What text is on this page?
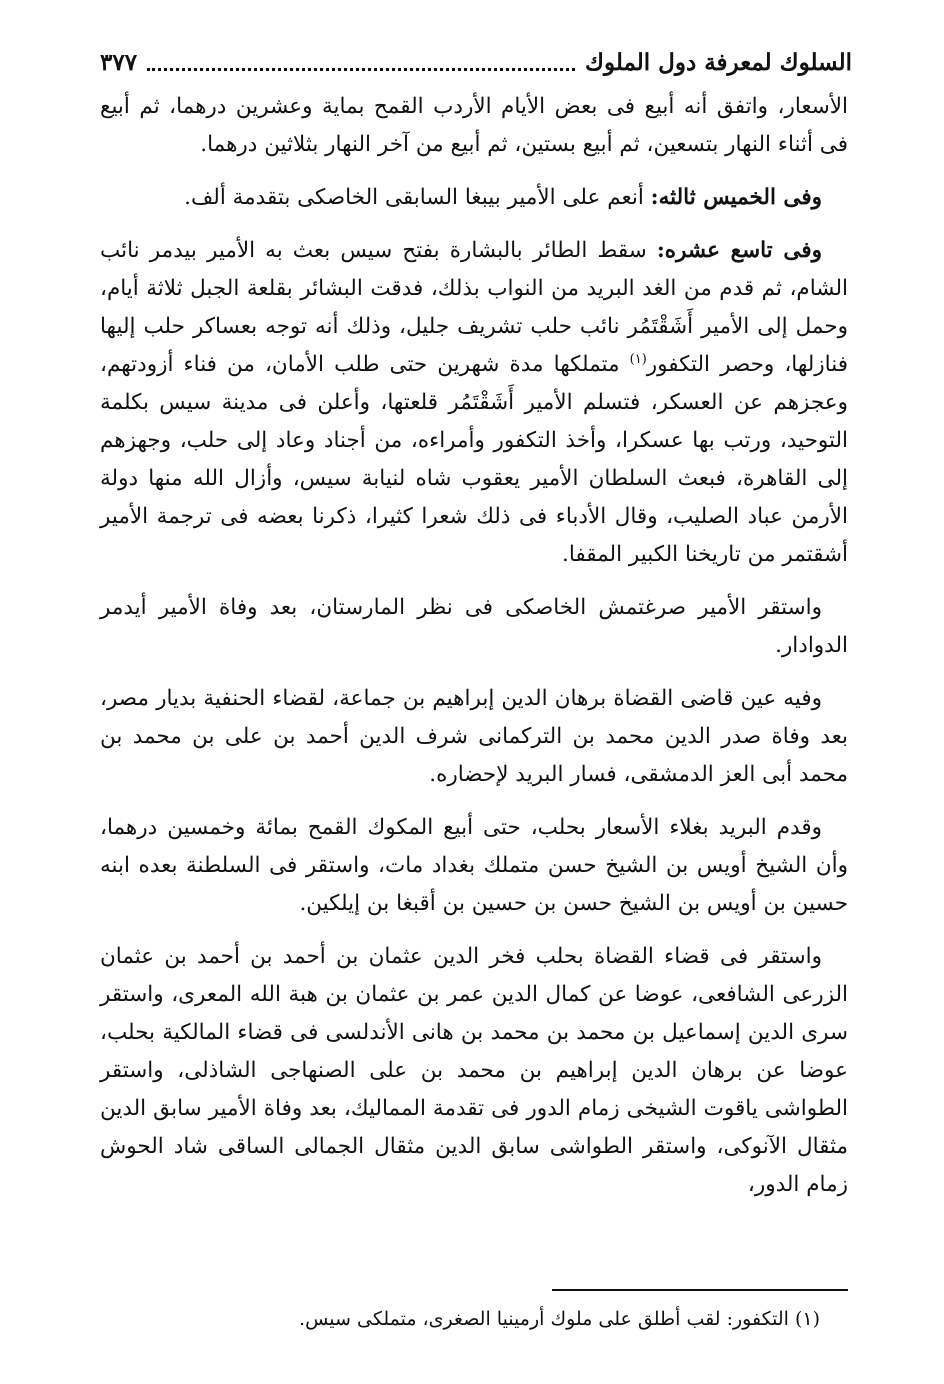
السلوك لمعرفة دول الملوك
٣٧٧

الأسعار، واتفق أنه أبيع فى بعض الأيام الأردب القمح بماية وعشرين درهما، ثم أبيع فى أثناء النهار بتسعين، ثم أبيع بستين، ثم أبيع من آخر النهار بثلاثين درهما.

وفى الخميس ثالثه: أنعم على الأمير بيبغا السابقى الخاصكى بتقدمة ألف.

وفى تاسع عشره: سقط الطائر بالبشارة بفتح سيس بعث به الأمير بيدمر نائب الشام، ثم قدم من الغد البريد من النواب بذلك، فدقت البشائر بقلعة الجبل ثلاثة أيام، وحمل إلى الأمير أَشَقْتَمُر نائب حلب تشريف جليل، وذلك أنه توجه بعساكر حلب إليها فنازلها، وحصر التكفور$^{(١)}$ متملكها مدة شهرين حتى طلب الأمان، من فناء أزودتهم، وعجزهم عن العسكر، فتسلم الأمير أَشَقْتَمُر قلعتها، وأعلن فى مدينة سيس بكلمة التوحيد، ورتب بها عسكرا، وأخذ التكفور وأمراءه، من أجناد وعاد إلى حلب، وجهزهم إلى القاهرة، فبعث السلطان الأمير يعقوب شاه لنيابة سيس، وأزال الله منها دولة الأرمن عباد الصليب، وقال الأدباء فى ذلك شعرا كثيرا، ذكرنا بعضه فى ترجمة الأمير أشقتمر من تاريخنا الكبير المقفا.

واستقر الأمير صرغتمش الخاصكى فى نظر المارستان، بعد وفاة الأمير أيدمر الدوادار.

وفيه عين قاضى القضاة برهان الدين إبراهيم بن جماعة، لقضاء الحنفية بديار مصر، بعد وفاة صدر الدين محمد بن التركمانى شرف الدين أحمد بن على بن محمد بن محمد أبى العز الدمشقى، فسار البريد لإحضاره.

وقدم البريد بغلاء الأسعار بحلب، حتى أبيع المكوك القمح بمائة وخمسين درهما، وأن الشيخ أويس بن الشيخ حسن متملك بغداد مات، واستقر فى السلطنة بعده ابنه حسين بن أويس بن الشيخ حسن بن حسين بن أقبغا بن إيلكين.

واستقر فى قضاء القضاة بحلب فخر الدين عثمان بن أحمد بن أحمد بن عثمان الزرعى الشافعى، عوضا عن كمال الدين عمر بن عثمان بن هبة الله المعرى، واستقر سرى الدين إسماعيل بن محمد بن محمد بن هانى الأندلسى فى قضاء المالكية بحلب، عوضا عن برهان الدين إبراهيم بن محمد بن على الصنهاجى الشاذلى، واستقر الطواشى ياقوت الشيخى زمام الدور فى تقدمة المماليك، بعد وفاة الأمير سابق الدين مثقال الآنوكى، واستقر الطواشى سابق الدين مثقال الجمالى الساقى شاد الحوش زمام الدور،

(١) التكفور: لقب أطلق على ملوك أرمينيا الصغرى، متملكى سيس.
